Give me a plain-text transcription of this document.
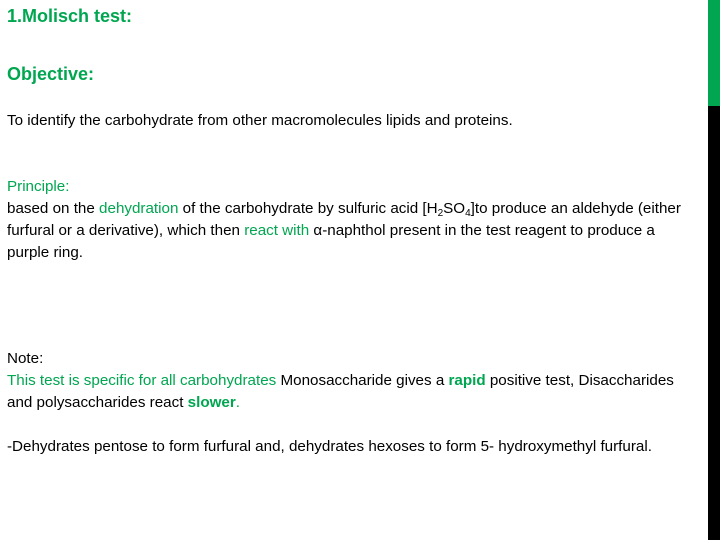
1.Molisch test:
Objective:
To identify the carbohydrate from other macromolecules lipids and proteins.
Principle:
based on the dehydration of the carbohydrate by sulfuric acid $[H_2SO_4]to$ produce an aldehyde (either furfural or a derivative), which then react with α-naphthol present in the test reagent to produce a purple ring.
Note:
This test is specific for all carbohydrates Monosaccharide gives a rapid positive test, Disaccharides and polysaccharides react slower.
-Dehydrates pentose to form furfural and, dehydrates hexoses to form 5- hydroxymethyl furfural.
